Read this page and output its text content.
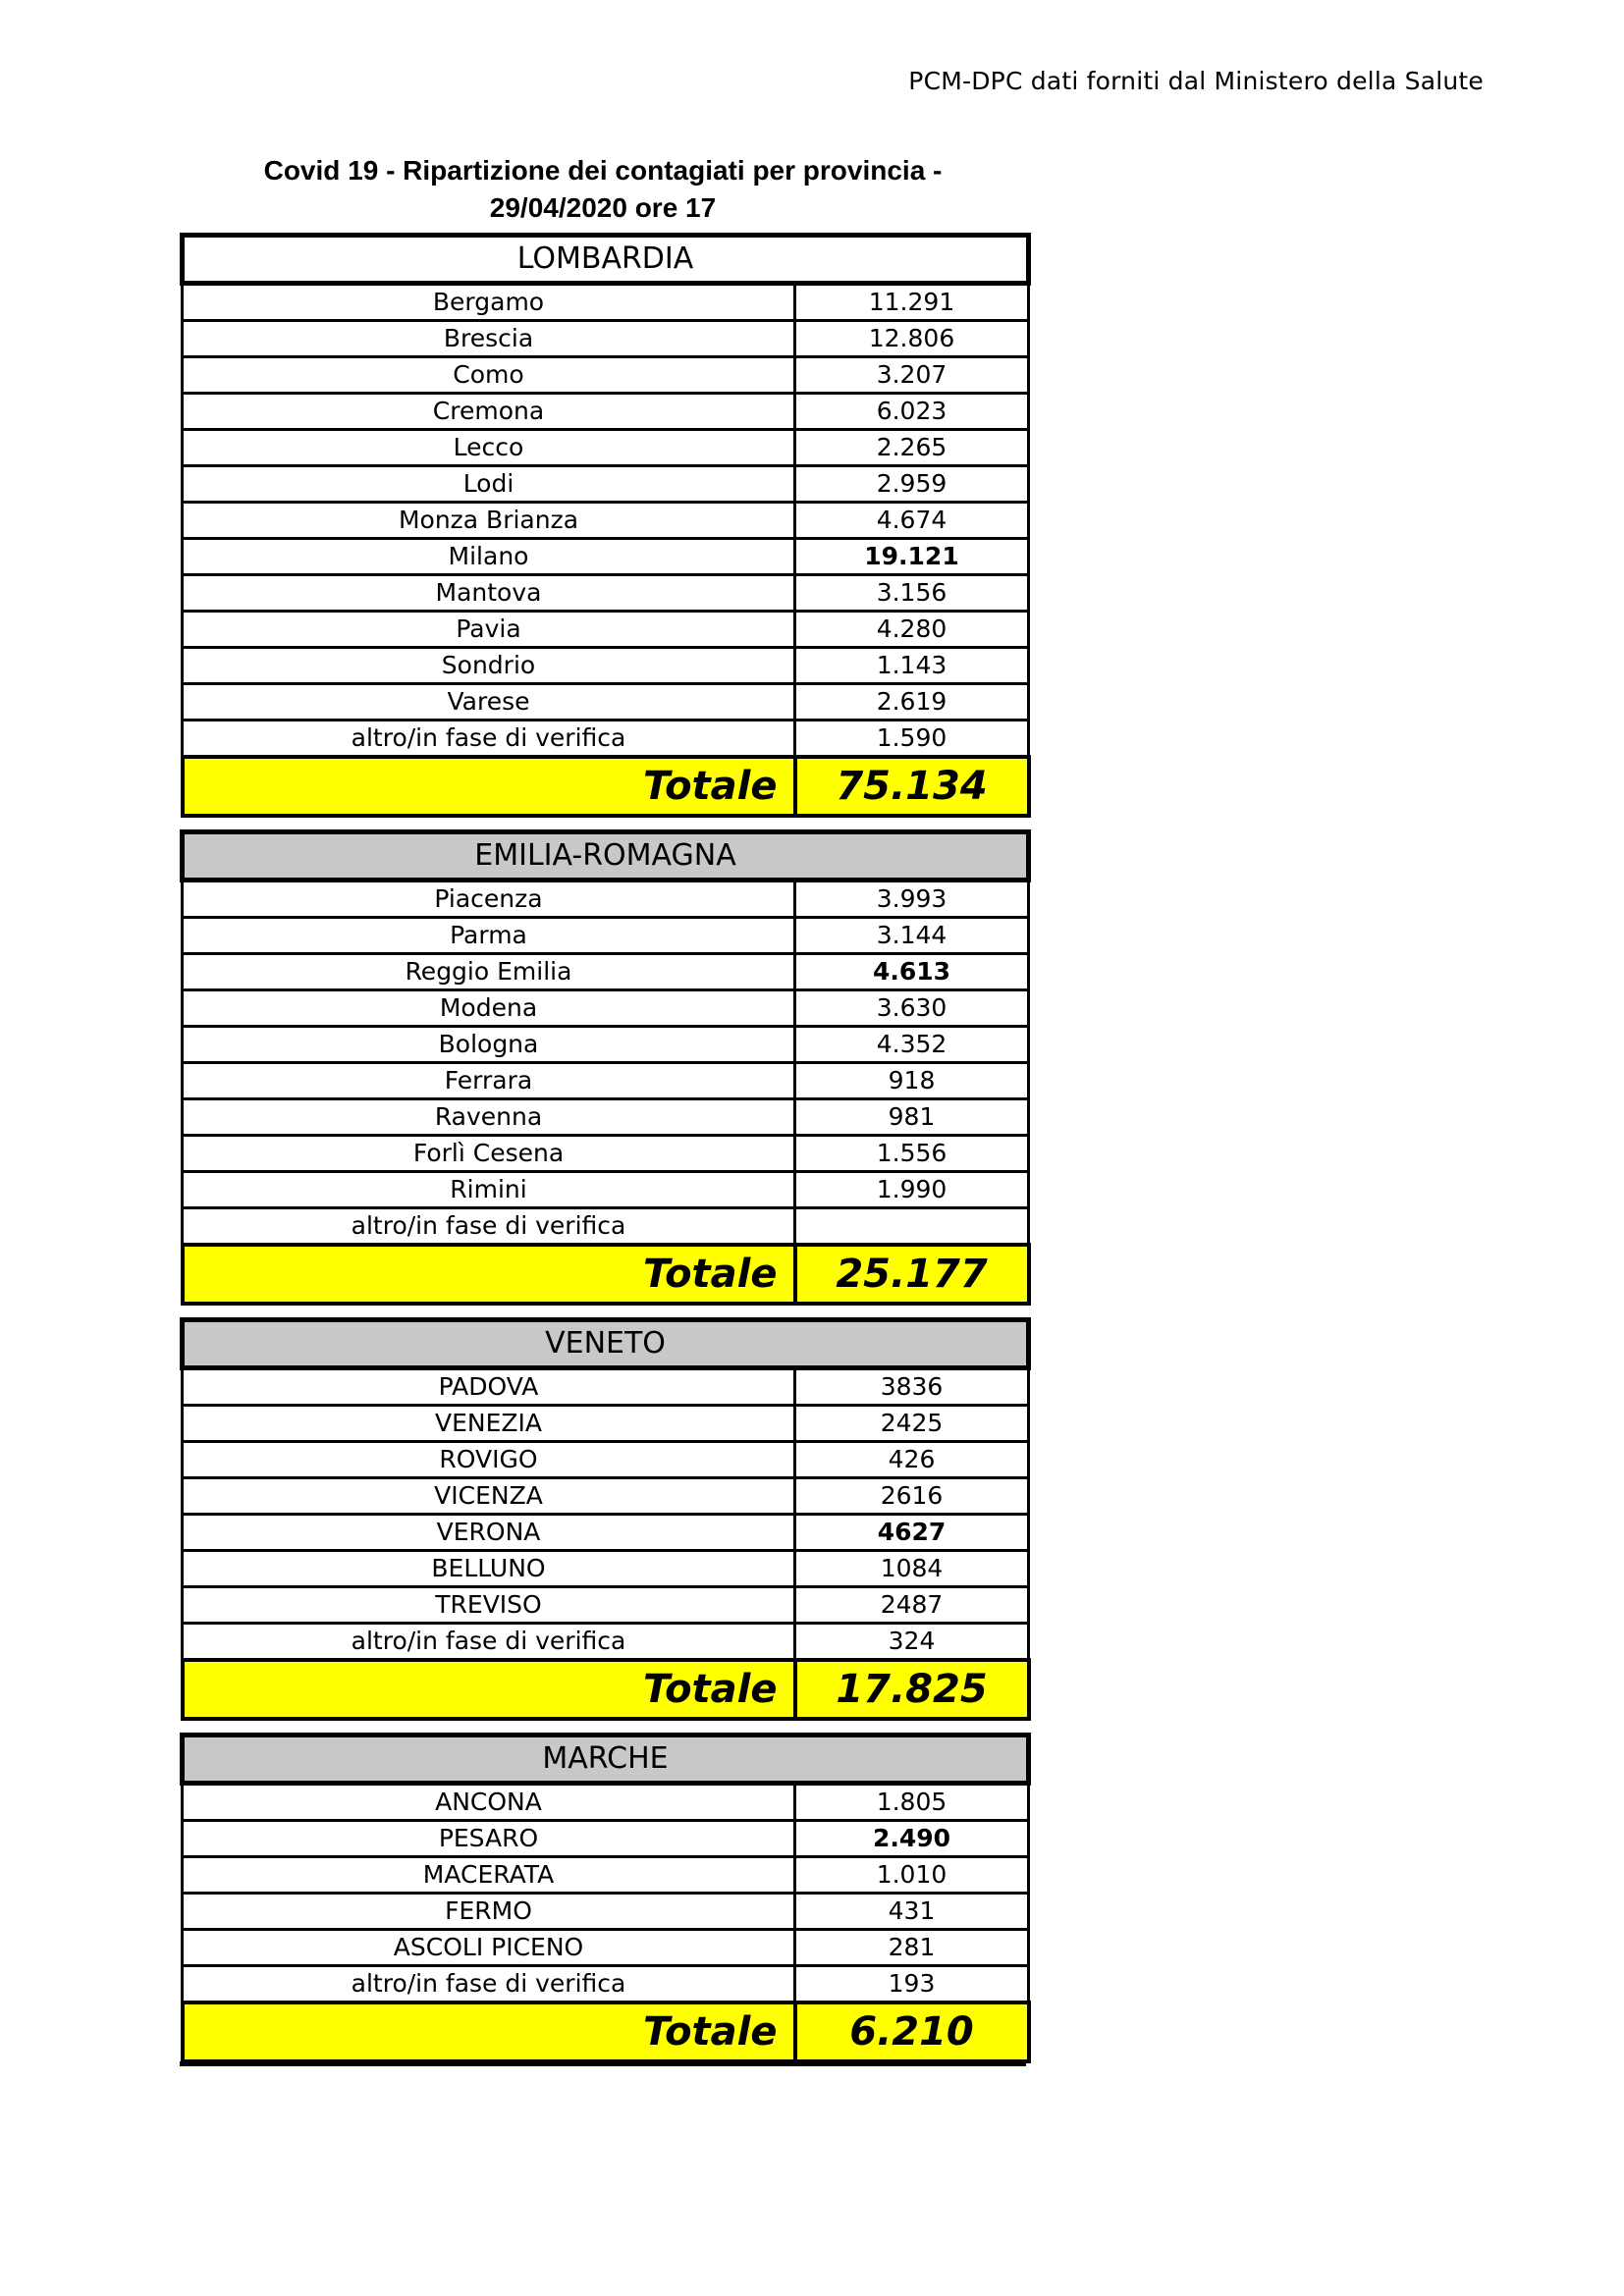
PCM-DPC dati forniti dal Ministero della Salute
Covid 19 - Ripartizione dei contagiati per provincia -
29/04/2020 ore 17
LOMBARDIA	
Bergamo	11.291
Brescia	12.806
Como	3.207
Cremona	6.023
Lecco	2.265
Lodi	2.959
Monza Brianza	4.674
Milano	19.121
Mantova	3.156
Pavia	4.280
Sondrio	1.143
Varese	2.619
altro/in fase di verifica	1.590
Totale	75.134
EMILIA-ROMAGNA	
Piacenza	3.993
Parma	3.144
Reggio Emilia	4.613
Modena	3.630
Bologna	4.352
Ferrara	918
Ravenna	981
Forlì Cesena	1.556
Rimini	1.990
altro/in fase di verifica	
Totale	25.177
VENETO	
PADOVA	3836
VENEZIA	2425
ROVIGO	426
VICENZA	2616
VERONA	4627
BELLUNO	1084
TREVISO	2487
altro/in fase di verifica	324
Totale	17.825
MARCHE	
ANCONA	1.805
PESARO	2.490
MACERATA	1.010
FERMO	431
ASCOLI PICENO	281
altro/in fase di verifica	193
Totale	6.210
